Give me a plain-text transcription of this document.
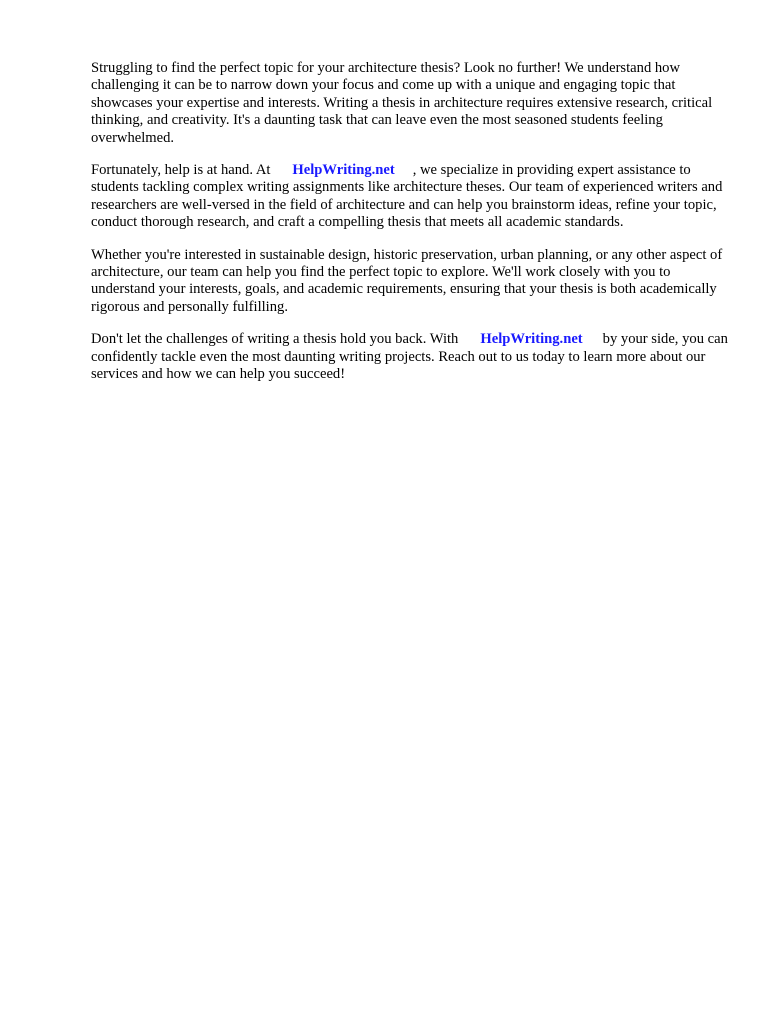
Struggling to find the perfect topic for your architecture thesis? Look no further! We understand how challenging it can be to narrow down your focus and come up with a unique and engaging topic that showcases your expertise and interests. Writing a thesis in architecture requires extensive research, critical thinking, and creativity. It's a daunting task that can leave even the most seasoned students feeling overwhelmed.

Fortunately, help is at hand. At HelpWriting.net , we specialize in providing expert assistance to students tackling complex writing assignments like architecture theses. Our team of experienced writers and researchers are well-versed in the field of architecture and can help you brainstorm ideas, refine your topic, conduct thorough research, and craft a compelling thesis that meets all academic standards.

Whether you're interested in sustainable design, historic preservation, urban planning, or any other aspect of architecture, our team can help you find the perfect topic to explore. We'll work closely with you to understand your interests, goals, and academic requirements, ensuring that your thesis is both academically rigorous and personally fulfilling.

Don't let the challenges of writing a thesis hold you back. With HelpWriting.net by your side, you can confidently tackle even the most daunting writing projects. Reach out to us today to learn more about our services and how we can help you succeed!
